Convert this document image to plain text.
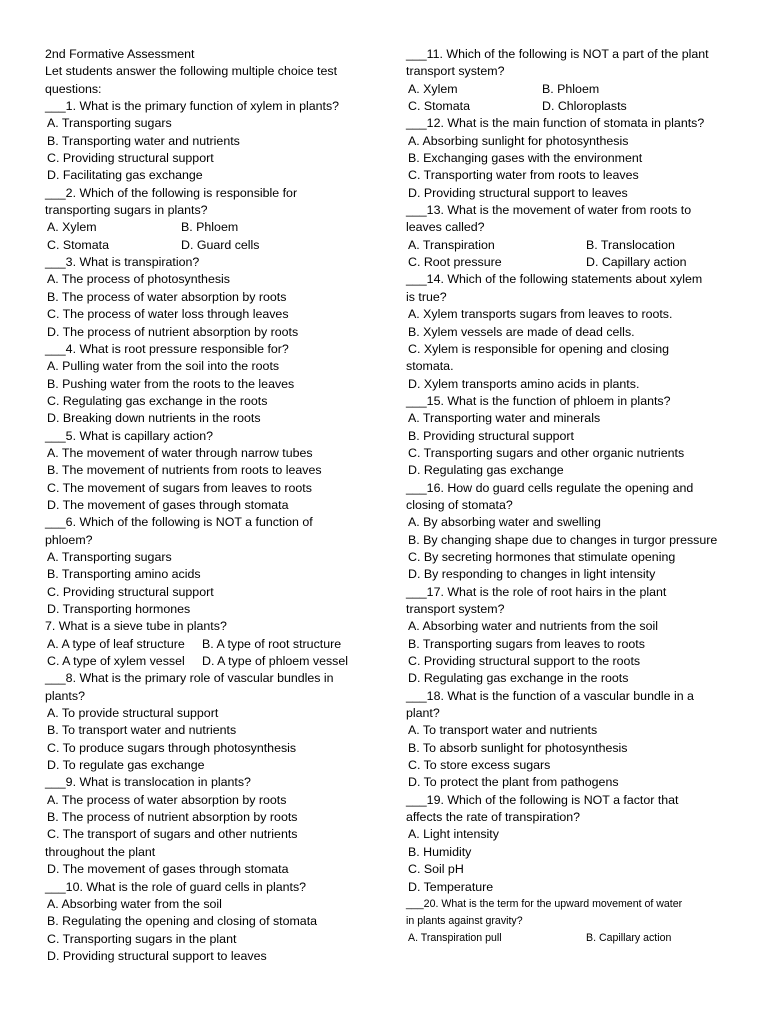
2nd Formative Assessment
Let students answer the following multiple choice test
questions:
___1. What is the primary function of xylem in plants?
A. Transporting sugars
B. Transporting water and nutrients
C. Providing structural support
D. Facilitating gas exchange
___2. Which of the following is responsible for
transporting sugars in plants?
A. Xylem	B. Phloem
C. Stomata	D. Guard cells
___3. What is transpiration?
A. The process of photosynthesis
B. The process of water absorption by roots
C. The process of water loss through leaves
D. The process of nutrient absorption by roots
___4. What is root pressure responsible for?
A. Pulling water from the soil into the roots
B. Pushing water from the roots to the leaves
C. Regulating gas exchange in the roots
D. Breaking down nutrients in the roots
___5. What is capillary action?
A. The movement of water through narrow tubes
B. The movement of nutrients from roots to leaves
C. The movement of sugars from leaves to roots
D. The movement of gases through stomata
___6. Which of the following is NOT a function of
phloem?
A. Transporting sugars
B. Transporting amino acids
C. Providing structural support
D. Transporting hormones
7. What is a sieve tube in plants?
A. A type of leaf structure	B. A type of root structure
C. A type of xylem vessel	D. A type of phloem vessel
___8. What is the primary role of vascular bundles in
plants?
A. To provide structural support
B. To transport water and nutrients
C. To produce sugars through photosynthesis
D. To regulate gas exchange
___9. What is translocation in plants?
A. The process of water absorption by roots
B. The process of nutrient absorption by roots
C. The transport of sugars and other nutrients
throughout the plant
D. The movement of gases through stomata
___10. What is the role of guard cells in plants?
A. Absorbing water from the soil
B. Regulating the opening and closing of stomata
C. Transporting sugars in the plant
D. Providing structural support to leaves
___11. Which of the following is NOT a part of the plant
transport system?
A. Xylem	B. Phloem
C. Stomata	D. Chloroplasts
___12. What is the main function of stomata in plants?
A. Absorbing sunlight for photosynthesis
B. Exchanging gases with the environment
C. Transporting water from roots to leaves
D. Providing structural support to leaves
___13. What is the movement of water from roots to
leaves called?
A. Transpiration	B. Translocation
C. Root pressure	D. Capillary action
___14. Which of the following statements about xylem
is true?
A. Xylem transports sugars from leaves to roots.
B. Xylem vessels are made of dead cells.
C. Xylem is responsible for opening and closing
stomata.
D. Xylem transports amino acids in plants.
___15. What is the function of phloem in plants?
A. Transporting water and minerals
B. Providing structural support
C. Transporting sugars and other organic nutrients
D. Regulating gas exchange
___16. How do guard cells regulate the opening and
closing of stomata?
A. By absorbing water and swelling
B. By changing shape due to changes in turgor pressure
C. By secreting hormones that stimulate opening
D. By responding to changes in light intensity
___17. What is the role of root hairs in the plant
transport system?
A. Absorbing water and nutrients from the soil
B. Transporting sugars from leaves to roots
C. Providing structural support to the roots
D. Regulating gas exchange in the roots
___18. What is the function of a vascular bundle in a
plant?
A. To transport water and nutrients
B. To absorb sunlight for photosynthesis
C. To store excess sugars
D. To protect the plant from pathogens
___19. Which of the following is NOT a factor that
affects the rate of transpiration?
A. Light intensity
B. Humidity
C. Soil pH
D. Temperature
___20. What is the term for the upward movement of water
in plants against gravity?
A. Transpiration pull	B. Capillary action
